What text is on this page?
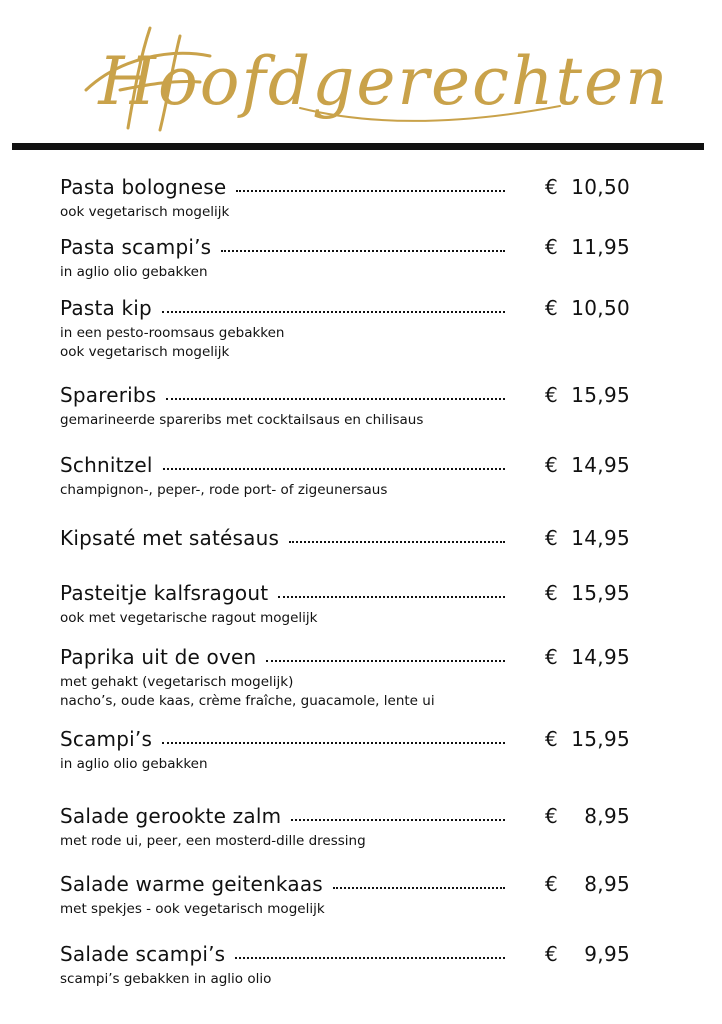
Hoofdgerechten
Pasta bolognese	€ 10,50
ook vegetarisch mogelijk
Pasta scampi’s	€ 11,95
in aglio olio gebakken
Pasta kip	€ 10,50
in een pesto-roomsaus gebakken
ook vegetarisch mogelijk
Spareribs	€ 15,95
gemarineerde spareribs met cocktailsaus en chilisaus
Schnitzel	€ 14,95
champignon-, peper-, rode port- of zigeunersaus
Kipsaté met satésaus	€ 14,95
Pasteitje kalfsragout	€ 15,95
ook met vegetarische ragout mogelijk
Paprika uit de oven	€ 14,95
met gehakt (vegetarisch mogelijk)
nacho’s, oude kaas, crème fraîche, guacamole, lente ui
Scampi’s	€ 15,95
in aglio olio gebakken
Salade gerookte zalm	€	8,95
met rode ui, peer, een mosterd-dille dressing
Salade warme geitenkaas	€	8,95
met spekjes - ook vegetarisch mogelijk
Salade scampi’s	€	9,95
scampi’s gebakken in aglio olio
